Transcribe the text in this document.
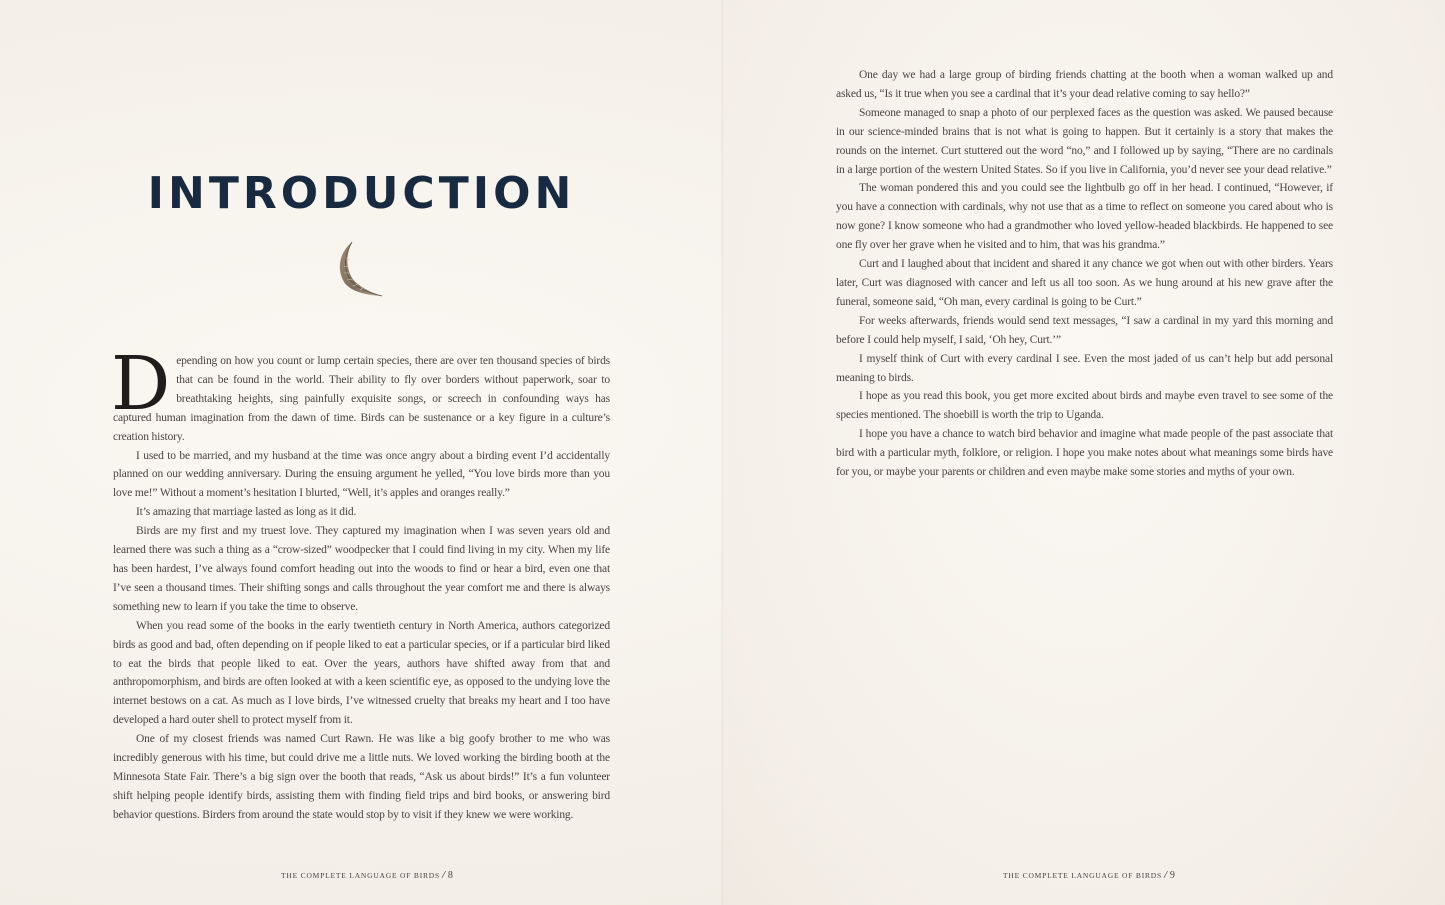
INTRODUCTION

Depending on how you count or lump certain species, there are over ten thousand species of birds that can be found in the world. Their ability to fly over borders without paperwork, soar to breathtaking heights, sing painfully exquisite songs, or screech in confounding ways has captured human imagination from the dawn of time. Birds can be sustenance or a key figure in a culture’s creation history.

I used to be married, and my husband at the time was once angry about a birding event I’d accidentally planned on our wedding anniversary. During the ensuing argument he yelled, “You love birds more than you love me!” Without a moment’s hesitation I blurted, “Well, it’s apples and oranges really.”

It’s amazing that marriage lasted as long as it did.

Birds are my first and my truest love. They captured my imagination when I was seven years old and learned there was such a thing as a “crow-sized” woodpecker that I could find living in my city. When my life has been hardest, I’ve always found comfort heading out into the woods to find or hear a bird, even one that I’ve seen a thousand times. Their shifting songs and calls throughout the year comfort me and there is always something new to learn if you take the time to observe.

When you read some of the books in the early twentieth century in North America, authors categorized birds as good and bad, often depending on if people liked to eat a particular species, or if a particular bird liked to eat the birds that people liked to eat. Over the years, authors have shifted away from that and anthropomorphism, and birds are often looked at with a keen scientific eye, as opposed to the undying love the internet bestows on a cat. As much as I love birds, I’ve witnessed cruelty that breaks my heart and I too have developed a hard outer shell to protect myself from it.

One of my closest friends was named Curt Rawn. He was like a big goofy brother to me who was incredibly generous with his time, but could drive me a little nuts. We loved working the birding booth at the Minnesota State Fair. There’s a big sign over the booth that reads, “Ask us about birds!” It’s a fun volunteer shift helping people identify birds, assisting them with finding field trips and bird books, or answering bird behavior questions. Birders from around the state would stop by to visit if they knew we were working.

THE COMPLETE LANGUAGE OF BIRDS / 8

One day we had a large group of birding friends chatting at the booth when a woman walked up and asked us, “Is it true when you see a cardinal that it’s your dead relative coming to say hello?”

Someone managed to snap a photo of our perplexed faces as the question was asked. We paused because in our science-minded brains that is not what is going to happen. But it certainly is a story that makes the rounds on the internet. Curt stuttered out the word “no,” and I followed up by saying, “There are no cardinals in a large portion of the western United States. So if you live in California, you’d never see your dead relative.”

The woman pondered this and you could see the lightbulb go off in her head. I continued, “However, if you have a connection with cardinals, why not use that as a time to reflect on someone you cared about who is now gone? I know someone who had a grandmother who loved yellow-headed blackbirds. He happened to see one fly over her grave when he visited and to him, that was his grandma.”

Curt and I laughed about that incident and shared it any chance we got when out with other birders. Years later, Curt was diagnosed with cancer and left us all too soon. As we hung around at his new grave after the funeral, someone said, “Oh man, every cardinal is going to be Curt.”

For weeks afterwards, friends would send text messages, “I saw a cardinal in my yard this morning and before I could help myself, I said, ‘Oh hey, Curt.’”

I myself think of Curt with every cardinal I see. Even the most jaded of us can’t help but add personal meaning to birds.

I hope as you read this book, you get more excited about birds and maybe even travel to see some of the species mentioned. The shoebill is worth the trip to Uganda.

I hope you have a chance to watch bird behavior and imagine what made people of the past associate that bird with a particular myth, folklore, or religion. I hope you make notes about what meanings some birds have for you, or maybe your parents or children and even maybe make some stories and myths of your own.

THE COMPLETE LANGUAGE OF BIRDS / 9
